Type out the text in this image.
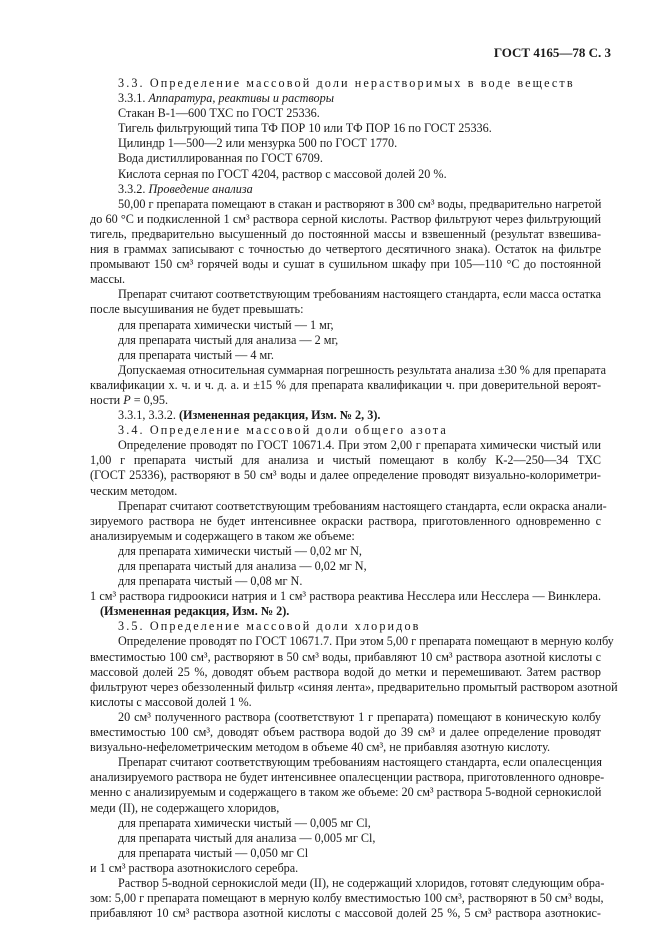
ГОСТ 4165—78 С. 3
3.3. Определение массовой доли нерастворимых в воде веществ
3.3.1. Аппаратура, реактивы и растворы
Стакан В-1—600 ТХС по ГОСТ 25336.
Тигель фильтрующий типа ТФ ПОР 10 или ТФ ПОР 16 по ГОСТ 25336.
Цилиндр 1—500—2 или мензурка 500 по ГОСТ 1770.
Вода дистиллированная по ГОСТ 6709.
Кислота серная по ГОСТ 4204, раствор с массовой долей 20 %.
3.3.2. Проведение анализа
50,00 г препарата помещают в стакан и растворяют в 300 см³ воды, предварительно нагретой
до 60 °С и подкисленной 1 см³ раствора серной кислоты. Раствор фильтруют через фильтрующий
тигель, предварительно высушенный до постоянной массы и взвешенный (результат взвешива-
ния в граммах записывают с точностью до четвертого десятичного знака). Остаток на фильтре
промывают 150 см³ горячей воды и сушат в сушильном шкафу при 105—110 °С до постоянной
массы.
Препарат считают соответствующим требованиям настоящего стандарта, если масса остатка
после высушивания не будет превышать:
для препарата химически чистый — 1 мг,
для препарата чистый для анализа — 2 мг,
для препарата чистый — 4 мг.
Допускаемая относительная суммарная погрешность результата анализа ±30 % для препарата
квалификации х. ч. и ч. д. а. и ±15 % для препарата квалификации ч. при доверительной вероят-
ности P = 0,95.
3.3.1, 3.3.2. (Измененная редакция, Изм. № 2, 3).
3.4. Определение массовой доли общего азота
Определение проводят по ГОСТ 10671.4. При этом 2,00 г препарата химически чистый или
1,00 г препарата чистый для анализа и чистый помещают в колбу К-2—250—34 ТХС
(ГОСТ 25336), растворяют в 50 см³ воды и далее определение проводят визуально-колориметри-
ческим методом.
Препарат считают соответствующим требованиям настоящего стандарта, если окраска анали-
зируемого раствора не будет интенсивнее окраски раствора, приготовленного одновременно с
анализируемым и содержащего в таком же объеме:
для препарата химически чистый — 0,02 мг N,
для препарата чистый для анализа — 0,02 мг N,
для препарата чистый — 0,08 мг N.
1 см³ раствора гидроокиси натрия и 1 см³ раствора реактива Несслера или Несслера — Винклера.
(Измененная редакция, Изм. № 2).
3.5. Определение массовой доли хлоридов
Определение проводят по ГОСТ 10671.7. При этом 5,00 г препарата помещают в мерную колбу
вместимостью 100 см³, растворяют в 50 см³ воды, прибавляют 10 см³ раствора азотной кислоты с
массовой долей 25 %, доводят объем раствора водой до метки и перемешивают. Затем раствор
фильтруют через обеззоленный фильтр «синяя лента», предварительно промытый раствором азотной
кислоты с массовой долей 1 %.
20 см³ полученного раствора (соответствуют 1 г препарата) помещают в коническую колбу
вместимостью 100 см³, доводят объем раствора водой до 39 см³ и далее определение проводят
визуально-нефелометрическим методом в объеме 40 см³, не прибавляя азотную кислоту.
Препарат считают соответствующим требованиям настоящего стандарта, если опалесценция
анализируемого раствора не будет интенсивнее опалесценции раствора, приготовленного одновре-
менно с анализируемым и содержащего в таком же объеме: 20 см³ раствора 5-водной сернокислой
меди (II), не содержащего хлоридов,
для препарата химически чистый — 0,005 мг Cl,
для препарата чистый для анализа — 0,005 мг Cl,
для препарата чистый — 0,050 мг Cl
и 1 см³ раствора азотнокислого серебра.
Раствор 5-водной сернокислой меди (II), не содержащий хлоридов, готовят следующим обра-
зом: 5,00 г препарата помещают в мерную колбу вместимостью 100 см³, растворяют в 50 см³ воды,
прибавляют 10 см³ раствора азотной кислоты с массовой долей 25 %, 5 см³ раствора азотнокис-
